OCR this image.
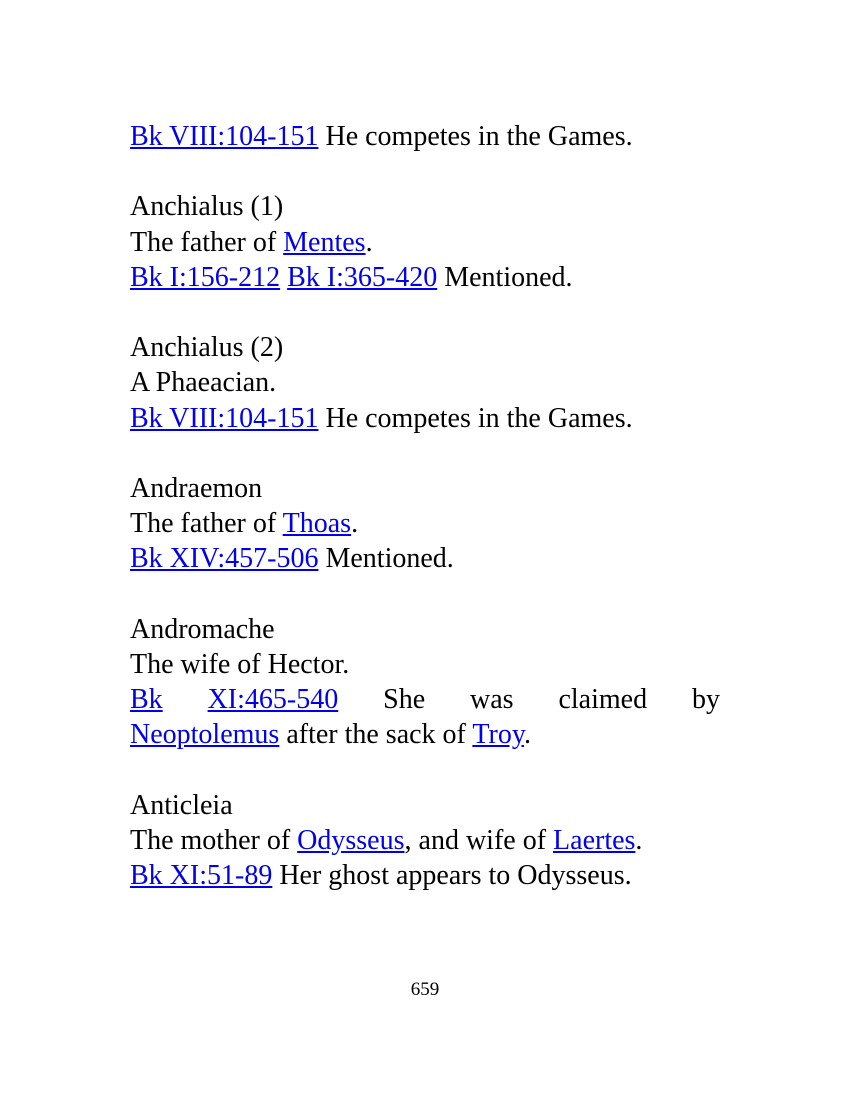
Bk VIII:104-151 He competes in the Games.
Anchialus (1)
The father of Mentes.
Bk I:156-212 Bk I:365-420 Mentioned.
Anchialus (2)
A Phaeacian.
Bk VIII:104-151 He competes in the Games.
Andraemon
The father of Thoas.
Bk XIV:457-506 Mentioned.
Andromache
The wife of Hector.
Bk XI:465-540 She was claimed by
Neoptolemus after the sack of Troy.
Anticleia
The mother of Odysseus, and wife of Laertes.
Bk XI:51-89 Her ghost appears to Odysseus.
659
